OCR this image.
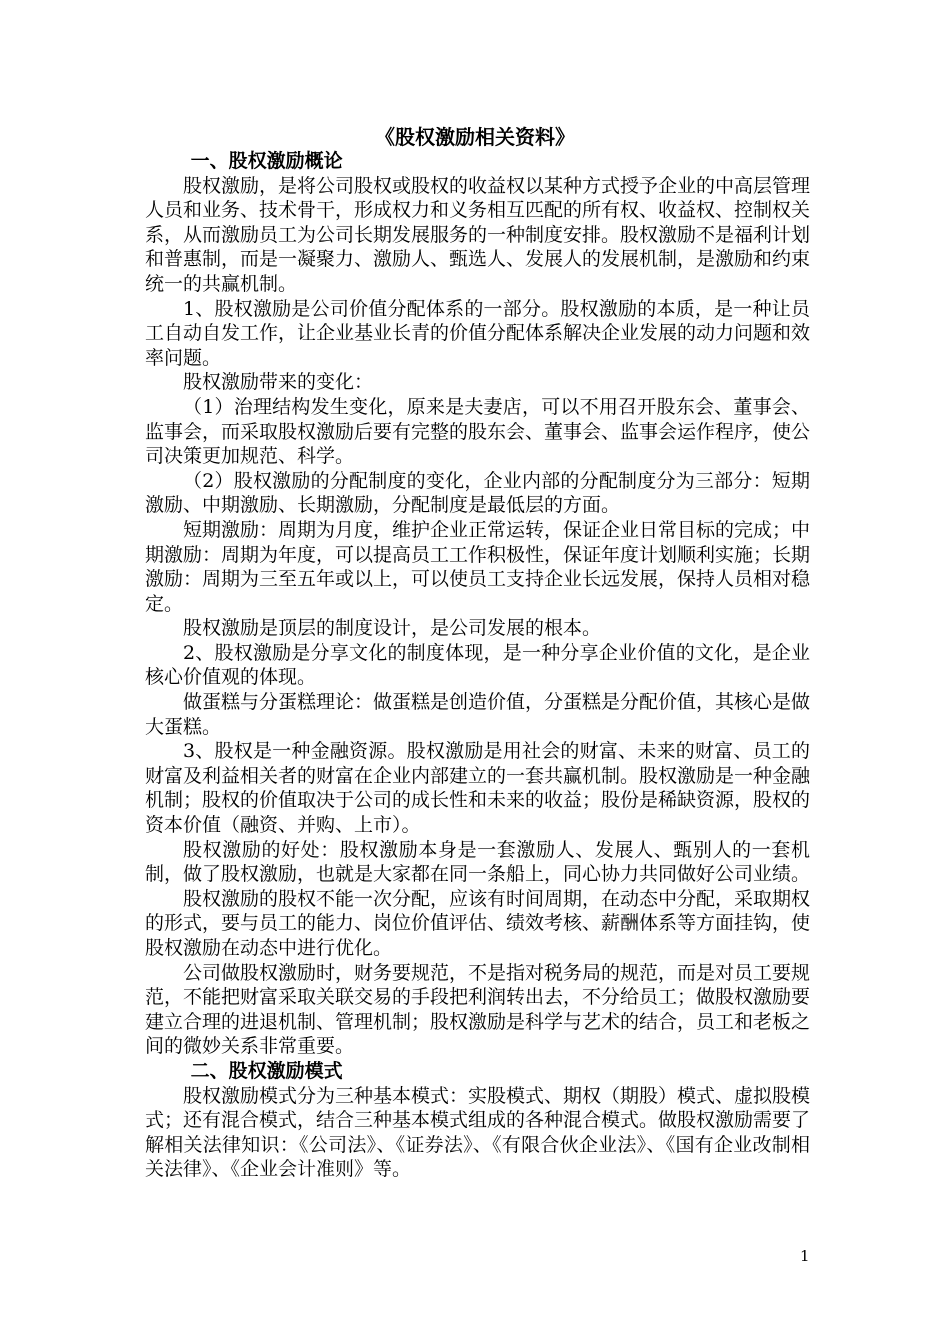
《股权激励相关资料》

一、股权激励概论

股权激励，是将公司股权或股权的收益权以某种方式授予企业的中高层管理人员和业务、技术骨干，形成权力和义务相互匹配的所有权、收益权、控制权关系，从而激励员工为公司长期发展服务的一种制度安排。股权激励不是福利计划和普惠制，而是一凝聚力、激励人、甄选人、发展人的发展机制，是激励和约束统一的共赢机制。

1、股权激励是公司价值分配体系的一部分。股权激励的本质，是一种让员工自动自发工作，让企业基业长青的价值分配体系解决企业发展的动力问题和效率问题。

股权激励带来的变化：

（1）治理结构发生变化，原来是夫妻店，可以不用召开股东会、董事会、监事会，而采取股权激励后要有完整的股东会、董事会、监事会运作程序，使公司决策更加规范、科学。

（2）股权激励的分配制度的变化，企业内部的分配制度分为三部分：短期激励、中期激励、长期激励，分配制度是最低层的方面。

短期激励：周期为月度，维护企业正常运转，保证企业日常目标的完成；中期激励：周期为年度，可以提高员工工作积极性，保证年度计划顺利实施；长期激励：周期为三至五年或以上，可以使员工支持企业长远发展，保持人员相对稳定。

股权激励是顶层的制度设计，是公司发展的根本。

2、股权激励是分享文化的制度体现，是一种分享企业价值的文化，是企业核心价值观的体现。

做蛋糕与分蛋糕理论：做蛋糕是创造价值，分蛋糕是分配价值，其核心是做大蛋糕。

3、股权是一种金融资源。股权激励是用社会的财富、未来的财富、员工的财富及利益相关者的财富在企业内部建立的一套共赢机制。股权激励是一种金融机制；股权的价值取决于公司的成长性和未来的收益；股份是稀缺资源，股权的资本价值（融资、并购、上市）。

股权激励的好处：股权激励本身是一套激励人、发展人、甄别人的一套机制，做了股权激励，也就是大家都在同一条船上，同心协力共同做好公司业绩。

股权激励的股权不能一次分配，应该有时间周期，在动态中分配，采取期权的形式，要与员工的能力、岗位价值评估、绩效考核、薪酬体系等方面挂钩，使股权激励在动态中进行优化。

公司做股权激励时，财务要规范，不是指对税务局的规范，而是对员工要规范，不能把财富采取关联交易的手段把利润转出去，不分给员工；做股权激励要建立合理的进退机制、管理机制；股权激励是科学与艺术的结合，员工和老板之间的微妙关系非常重要。

二、股权激励模式

股权激励模式分为三种基本模式：实股模式、期权（期股）模式、虚拟股模式；还有混合模式，结合三种基本模式组成的各种混合模式。做股权激励需要了解相关法律知识：《公司法》、《证券法》、《有限合伙企业法》、《国有企业改制相关法律》、《企业会计准则》等。

1
